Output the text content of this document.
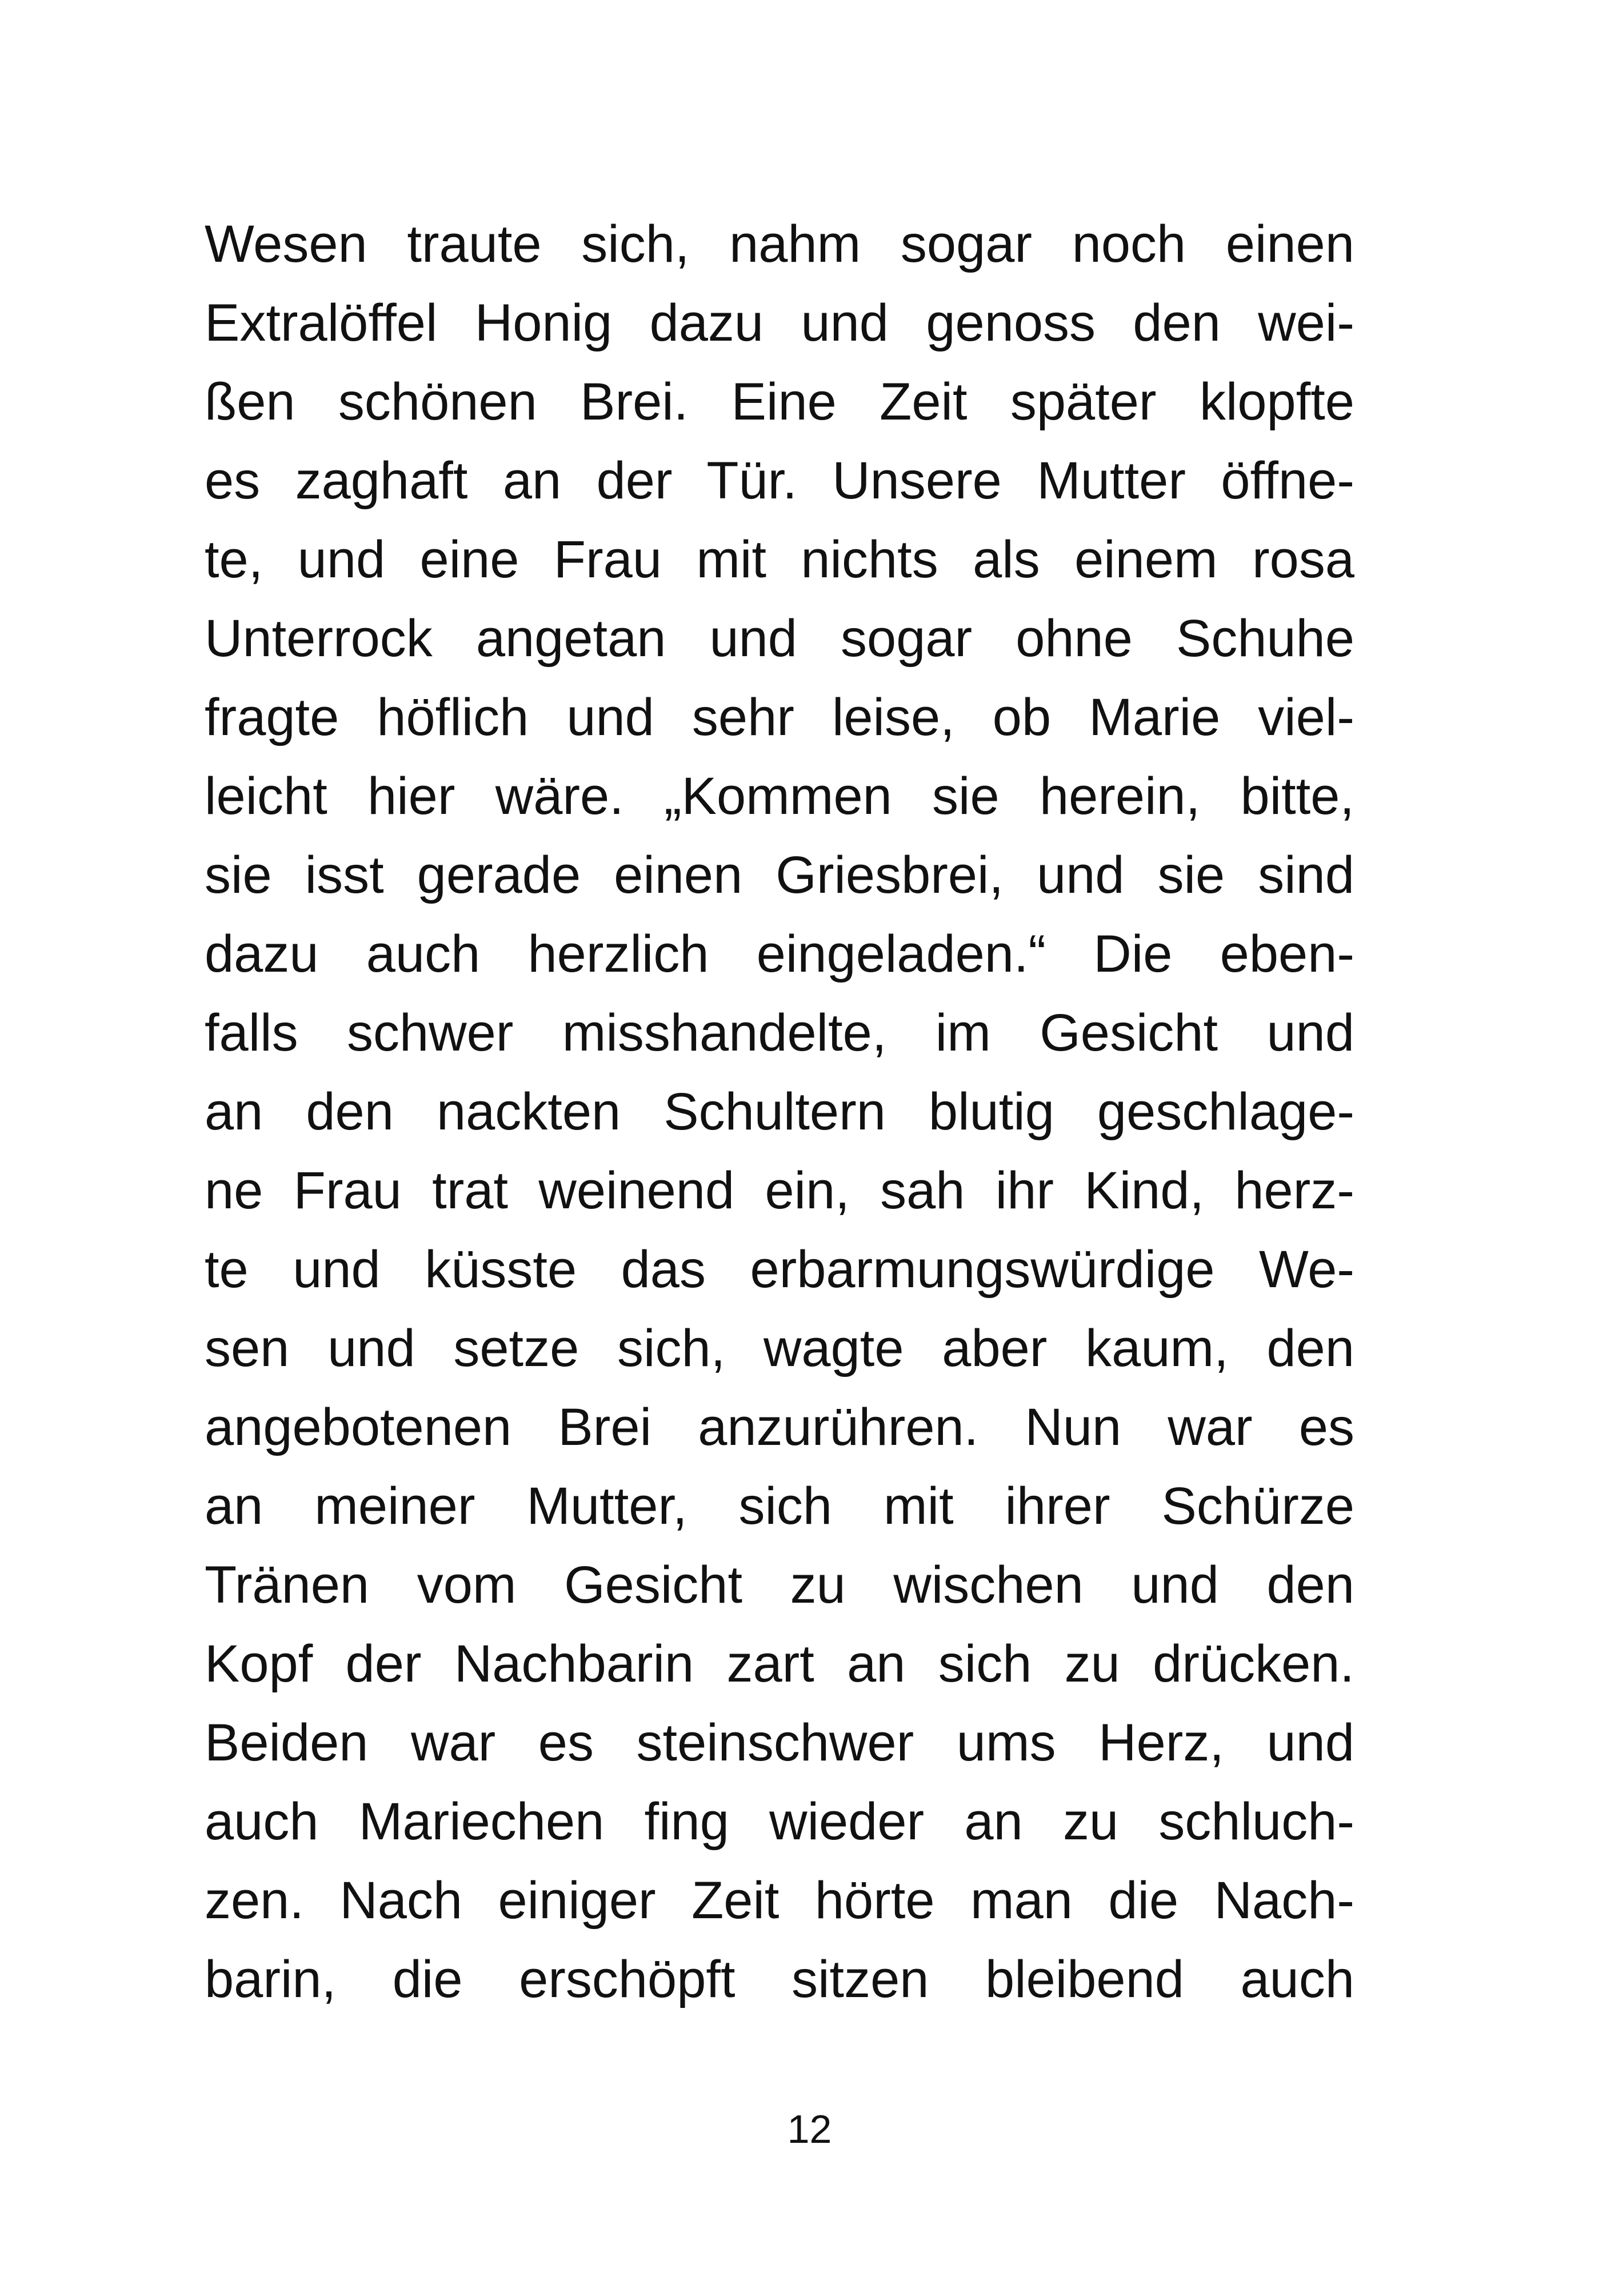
Wesen traute sich, nahm sogar noch einen
Extralöffel Honig dazu und genoss den wei-
ßen schönen Brei. Eine Zeit später klopfte
es zaghaft an der Tür. Unsere Mutter öffne-
te, und eine Frau mit nichts als einem rosa
Unterrock angetan und sogar ohne Schuhe
fragte höflich und sehr leise, ob Marie viel-
leicht hier wäre. „Kommen sie herein, bitte,
sie isst gerade einen Griesbrei, und sie sind
dazu auch herzlich eingeladen.“ Die eben-
falls schwer misshandelte, im Gesicht und
an den nackten Schultern blutig geschlage-
ne Frau trat weinend ein, sah ihr Kind, herz-
te und küsste das erbarmungswürdige We-
sen und setze sich, wagte aber kaum, den
angebotenen Brei anzurühren. Nun war es
an meiner Mutter, sich mit ihrer Schürze
Tränen vom Gesicht zu wischen und den
Kopf der Nachbarin zart an sich zu drücken.
Beiden war es steinschwer ums Herz, und
auch Mariechen fing wieder an zu schluch-
zen. Nach einiger Zeit hörte man die Nach-
barin, die erschöpft sitzen bleibend auch
12
